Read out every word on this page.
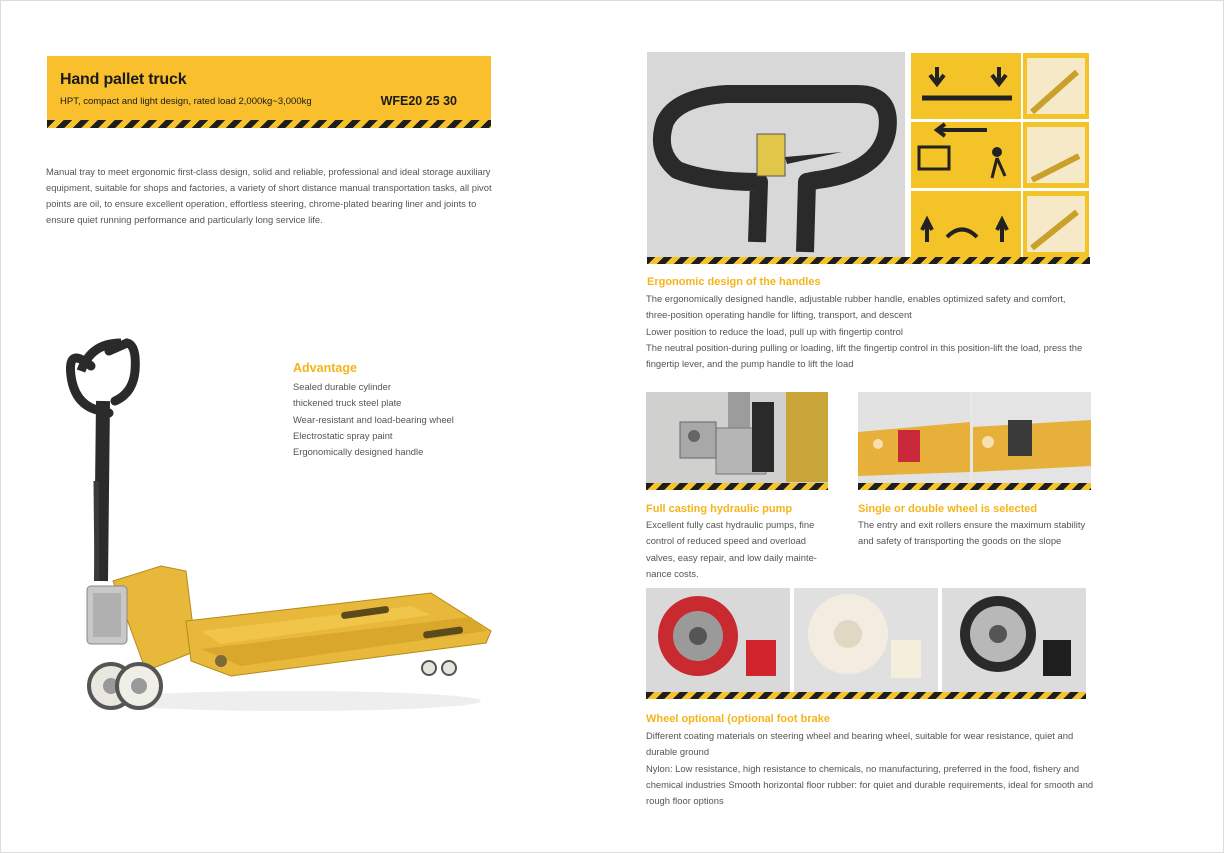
Hand pallet truck
HPT, compact and light design, rated load 2,000kg~3,000kg	WFE20 25 30

Manual tray to meet ergonomic first-class design, solid and reliable, professional and ideal storage auxiliary equipment, suitable for shops and factories, a variety of short distance manual transportation tasks, all pivot points are oil, to ensure excellent operation, effortless steering, chrome-plated bearing liner and joints to ensure quiet running performance and particularly long service life.

Advantage
Sealed durable cylinder
thickened truck steel plate
Wear-resistant and load-bearing wheel
Electrostatic spray paint
Ergonomically designed handle
Ergonomic design of the handles
The ergonomically designed handle, adjustable rubber handle, enables optimized safety and comfort,
three-position operating handle for lifting, transport, and descent
Lower position to reduce the load, pull up with fingertip control
The neutral position-during pulling or loading, lift the fingertip control in this position-lift the load, press the
fingertip lever, and the pump handle to lift the load
Full casting hydraulic pump
Excellent fully cast hydraulic pumps, fine
control of reduced speed and overload
valves, easy repair, and low daily mainte-
nance costs.
Single or double wheel is selected
The entry and exit rollers ensure the maximum stability
and safety of transporting the goods on the slope
Wheel optional (optional foot brake
Different coating materials on steering wheel and bearing wheel, suitable for wear resistance, quiet and
durable ground
Nylon: Low resistance, high resistance to chemicals, no manufacturing, preferred in the food, fishery and
chemical industries Smooth horizontal floor rubber: for quiet and durable requirements, ideal for smooth and
rough floor options
